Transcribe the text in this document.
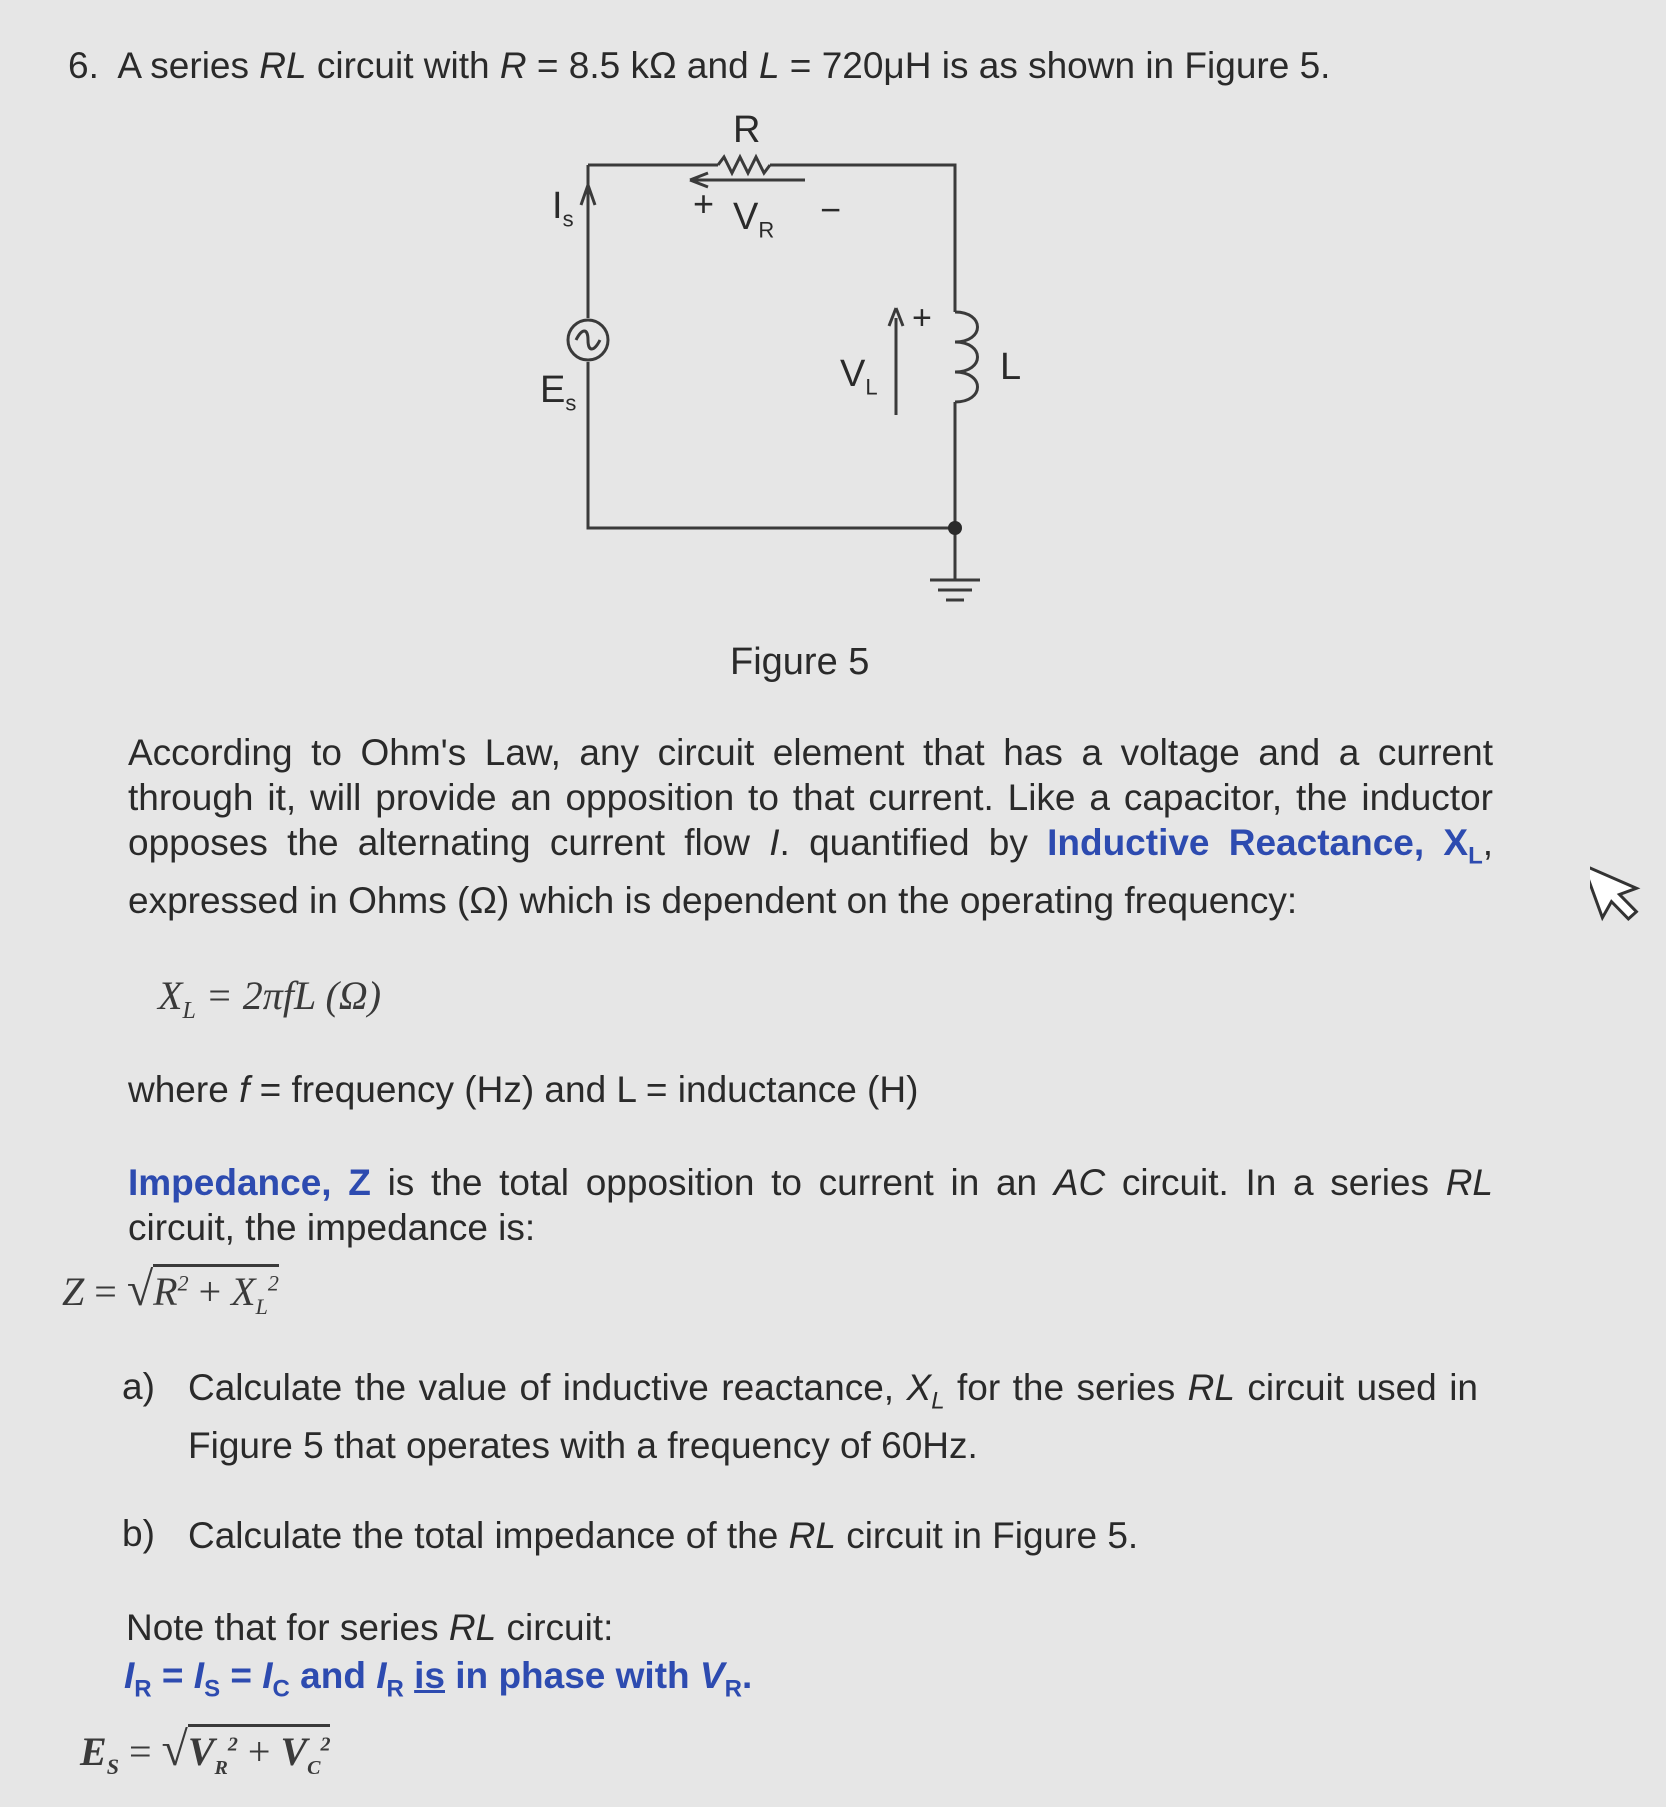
6. A series RL circuit with R = 8.5 kΩ and L = 720μH is as shown in Figure 5.
R
$I_s$	+ $V_R$
−
+
$E_s$
$V_L$	L
Figure 5
According to Ohm's Law, any circuit element that has a voltage and a current through it, will provide an opposition to that current. Like a capacitor, the inductor opposes the alternating current flow I. quantified by Inductive Reactance, $X_L$, expressed in Ohms (Ω) which is dependent on the operating frequency:
$X_L = 2\pi fL$ (Ω)
where f = frequency (Hz) and L = inductance (H)
Impedance, Z is the total opposition to current in an AC circuit. In a series RL circuit, the impedance is:
$Z = √R^2 + X_L^2$
a) Calculate the value of inductive reactance, $X_L$ for the series RL circuit used in Figure 5 that operates with a frequency of 60Hz.
b) Calculate the total impedance of the RL circuit in Figure 5.
Note that for series RL circuit:
$I_R = I_S = I_C$ and $I_R$ is in phase with $V_R$.
$E_S = √V_R^2 + V_C^2$
